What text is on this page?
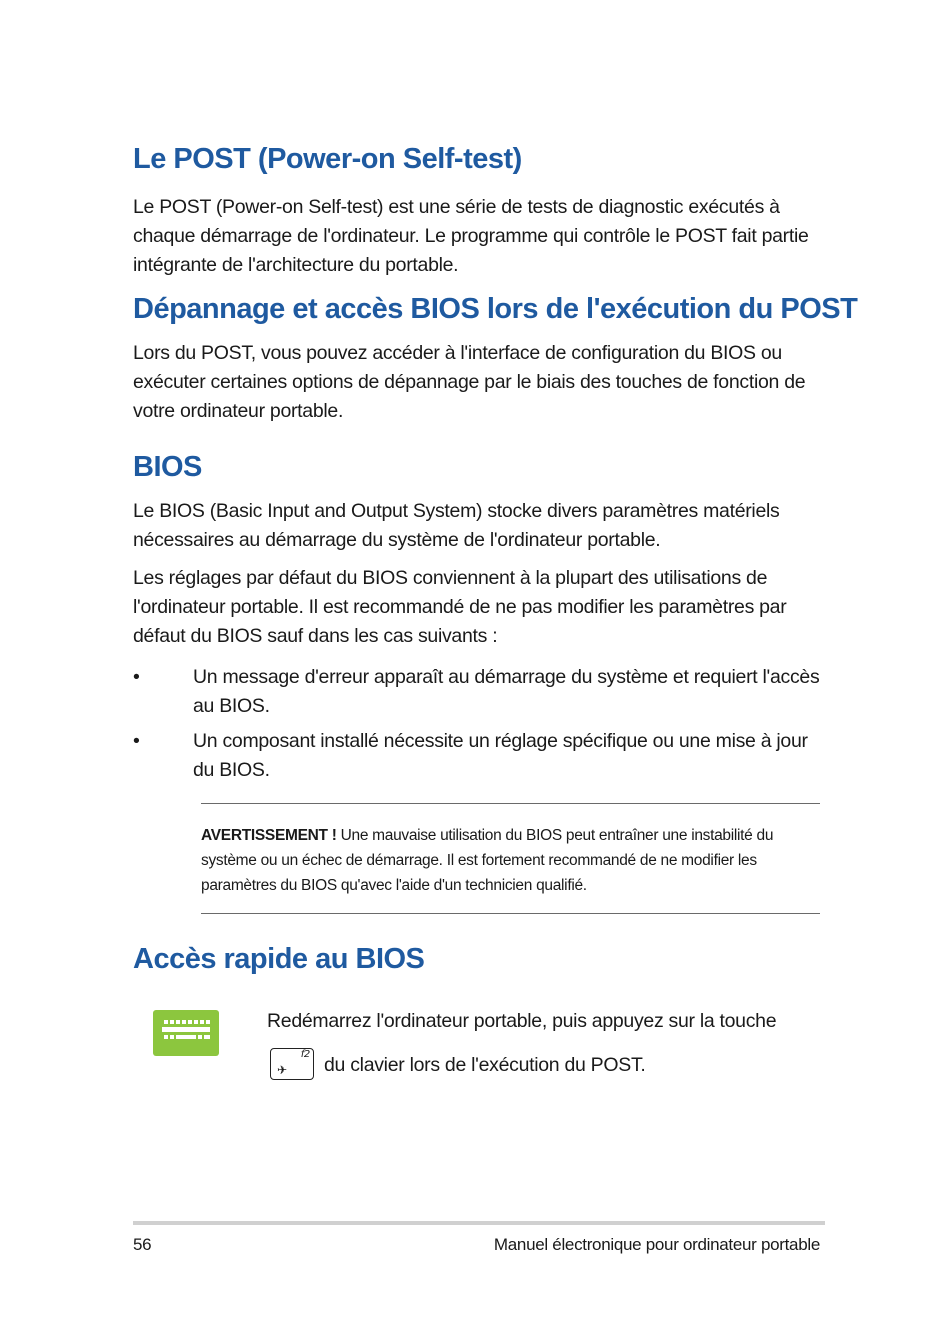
Le POST (Power-on Self-test)

Le POST (Power-on Self-test) est une série de tests de diagnostic exécutés à chaque démarrage de l'ordinateur. Le programme qui contrôle le POST fait partie intégrante de l'architecture du portable.

Dépannage et accès BIOS lors de l'exécution du POST

Lors du POST, vous pouvez accéder à l'interface de configuration du BIOS ou exécuter certaines options de dépannage par le biais des touches de fonction de votre ordinateur portable.

BIOS

Le BIOS (Basic Input and Output System) stocke divers paramètres matériels nécessaires au démarrage du système de l'ordinateur portable.

Les réglages par défaut du BIOS conviennent à la plupart des utilisations de l'ordinateur portable. Il est recommandé de ne pas modifier les paramètres par défaut du BIOS sauf dans les cas suivants :

•	Un message d'erreur apparaît au démarrage du système et requiert l'accès au BIOS.
•	Un composant installé nécessite un réglage spécifique ou une mise à jour du BIOS.

AVERTISSEMENT ! Une mauvaise utilisation du BIOS peut entraîner une instabilité du système ou un échec de démarrage. Il est fortement recommandé de ne modifier les paramètres du BIOS qu'avec l'aide d'un technicien qualifié.

Accès rapide au BIOS
Redémarrez l'ordinateur portable, puis appuyez sur la touche
f2
✈ du clavier lors de l'exécution du POST.
56	Manuel électronique pour ordinateur portable
